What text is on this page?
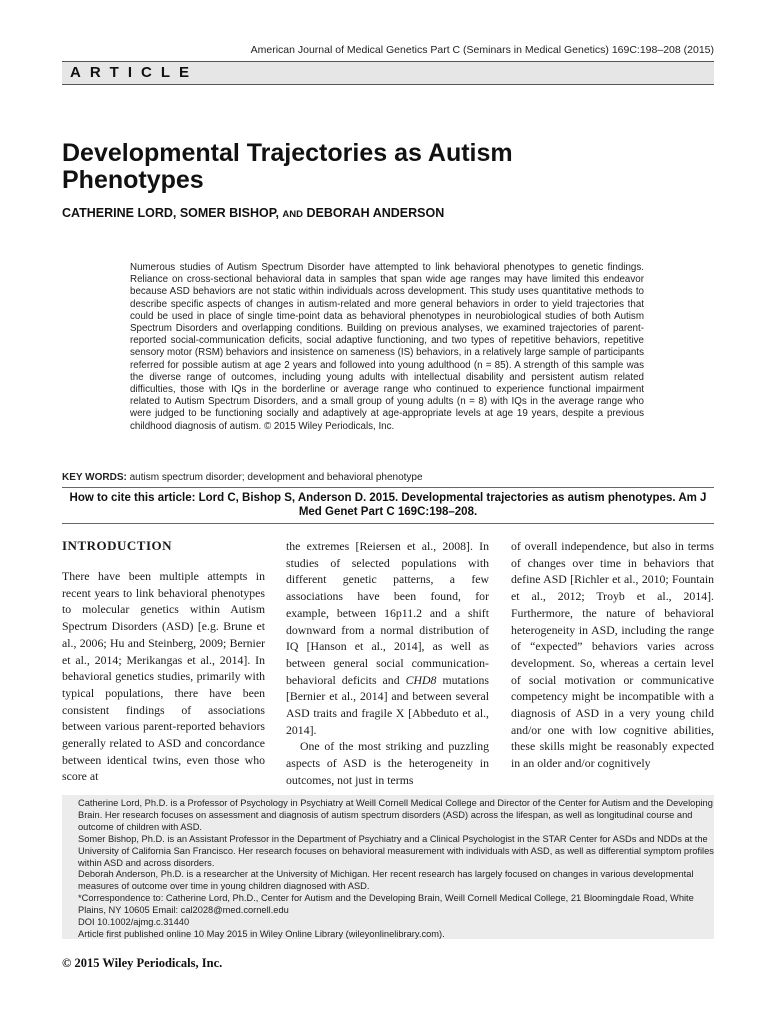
American Journal of Medical Genetics Part C (Seminars in Medical Genetics) 169C:198–208 (2015)
ARTICLE
Developmental Trajectories as Autism Phenotypes

CATHERINE LORD, SOMER BISHOP, AND DEBORAH ANDERSON

Numerous studies of Autism Spectrum Disorder have attempted to link behavioral phenotypes to genetic findings. Reliance on cross-sectional behavioral data in samples that span wide age ranges may have limited this endeavor because ASD behaviors are not static within individuals across development. This study uses quantitative methods to describe specific aspects of changes in autism-related and more general behaviors in order to yield trajectories that could be used in place of single time-point data as behavioral phenotypes in neurobiological studies of both Autism Spectrum Disorders and overlapping conditions. Building on previous analyses, we examined trajectories of parent-reported social-communication deficits, social adaptive functioning, and two types of repetitive behaviors, repetitive sensory motor (RSM) behaviors and insistence on sameness (IS) behaviors, in a relatively large sample of participants referred for possible autism at age 2 years and followed into young adulthood (n = 85). A strength of this sample was the diverse range of outcomes, including young adults with intellectual disability and persistent autism related difficulties, those with IQs in the borderline or average range who continued to experience functional impairment related to Autism Spectrum Disorders, and a small group of young adults (n = 8) with IQs in the average range who were judged to be functioning socially and adaptively at age-appropriate levels at age 19 years, despite a previous childhood diagnosis of autism. © 2015 Wiley Periodicals, Inc.

KEY WORDS: autism spectrum disorder; development and behavioral phenotype

How to cite this article: Lord C, Bishop S, Anderson D. 2015. Developmental trajectories as autism phenotypes. Am J Med Genet Part C 169C:198–208.

INTRODUCTION

There have been multiple attempts in recent years to link behavioral phenotypes to molecular genetics within Autism Spectrum Disorders (ASD) [e.g. Brune et al., 2006; Hu and Steinberg, 2009; Bernier et al., 2014; Merikangas et al., 2014]. In behavioral genetics studies, primarily with typical populations, there have been consistent findings of associations between various parent-reported behaviors generally related to ASD and concordance between identical twins, even those who score at

the extremes [Reiersen et al., 2008]. In studies of selected populations with different genetic patterns, a few associations have been found, for example, between 16p11.2 and a shift downward from a normal distribution of IQ [Hanson et al., 2014], as well as between general social communication-behavioral deficits and CHD8 mutations [Bernier et al., 2014] and between several ASD traits and fragile X [Abbeduto et al., 2014].

One of the most striking and puzzling aspects of ASD is the heterogeneity in outcomes, not just in terms

of overall independence, but also in terms of changes over time in behaviors that define ASD [Richler et al., 2010; Fountain et al., 2012; Troyb et al., 2014]. Furthermore, the nature of behavioral heterogeneity in ASD, including the range of “expected” behaviors varies across development. So, whereas a certain level of social motivation or communicative competency might be incompatible with a diagnosis of ASD in a very young child and/or one with low cognitive abilities, these skills might be reasonably expected in an older and/or cognitively

Catherine Lord, Ph.D. is a Professor of Psychology in Psychiatry at Weill Cornell Medical College and Director of the Center for Autism and the Developing Brain. Her research focuses on assessment and diagnosis of autism spectrum disorders (ASD) across the lifespan, as well as longitudinal course and outcome of children with ASD.

Somer Bishop, Ph.D. is an Assistant Professor in the Department of Psychiatry and a Clinical Psychologist in the STAR Center for ASDs and NDDs at the University of California San Francisco. Her research focuses on behavioral measurement with individuals with ASD, as well as differential symptom profiles within ASD and across disorders.

Deborah Anderson, Ph.D. is a researcher at the University of Michigan. Her recent research has largely focused on changes in various developmental measures of outcome over time in young children diagnosed with ASD.

*Correspondence to: Catherine Lord, Ph.D., Center for Autism and the Developing Brain, Weill Cornell Medical College, 21 Bloomingdale Road, White Plains, NY 10605 Email: cal2028@med.cornell.edu

DOI 10.1002/ajmg.c.31440

Article first published online 10 May 2015 in Wiley Online Library (wileyonlinelibrary.com).

© 2015 Wiley Periodicals, Inc.
